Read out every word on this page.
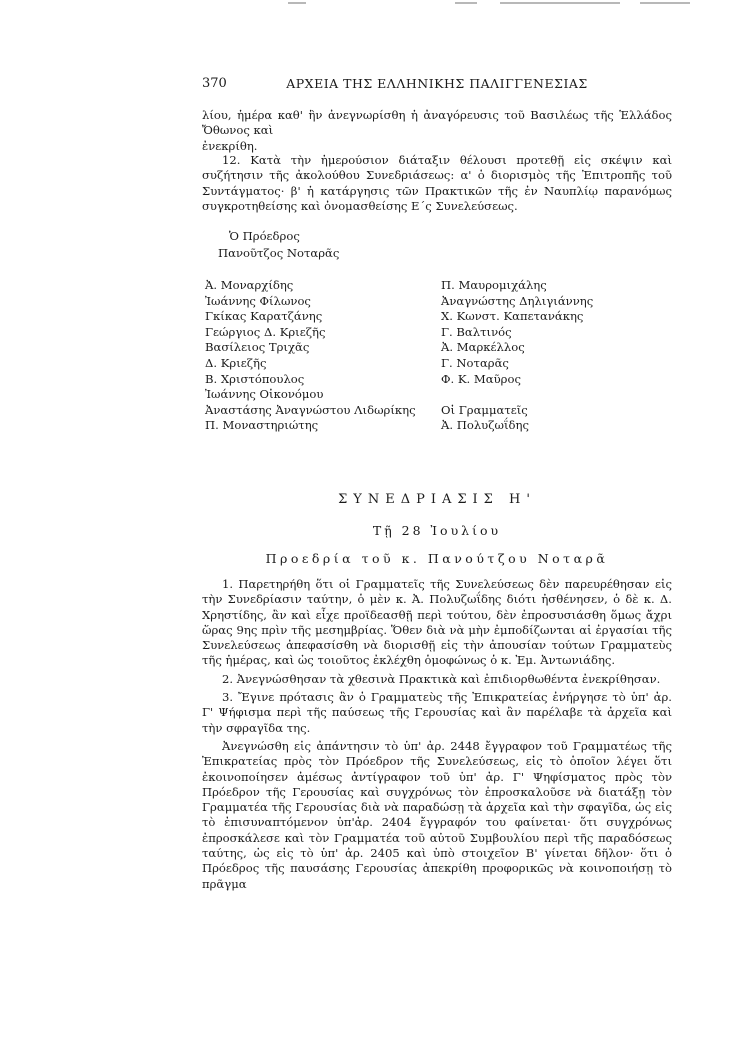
370	ΑΡΧΕΙΑ ΤΗΣ ΕΛΛΗΝΙΚΗΣ ΠΑΛΙΓΓΕΝΕΣΙΑΣ

λίου, ἡμέρα καθ' ἣν ἀνεγνωρίσθη ἡ ἀναγόρευσις τοῦ Βασιλέως τῆς Ἑλλάδος Ὄθωνος καὶ

ἐνεκρίθη.

12. Κατὰ τὴν ἡμερούσιον διάταξιν θέλουσι προτεθῇ εἰς σκέψιν καὶ συζήτησιν τῆς ἀκολούθου Συνεδριάσεως: α' ὁ διορισμὸς τῆς Ἐπιτροπῆς τοῦ Συντάγματος· β' ἡ κατάργησις τῶν Πρακτικῶν τῆς ἐν Ναυπλίῳ παρανόμως συγκροτηθείσης καὶ ὀνομασθείσης Ε΄ς Συνελεύσεως.

Ὁ Πρόεδρος
Πανοῦτζος Νοταρᾶς
Ἀ. Μοναρχίδης
Ἰωάννης Φίλωνος
Γκίκας Καρατζάνης
Γεώργιος Δ. Κριεζῆς
Βασίλειος Τριχᾶς
Δ. Κριεζῆς
Β. Χριστόπουλος
Ἰωάννης Οἰκονόμου
Ἀναστάσης Ἀναγνώστου Λιδωρίκης
Π. Μοναστηριώτης
Π. Μαυρομιχάλης
Ἀναγνώστης Δηλιγιάννης
Χ. Κωνστ. Καπετανάκης
Γ. Βαλτινός
Ἀ. Μαρκέλλος
Γ. Νοταρᾶς
Φ. Κ. Μαῦρος

Οἱ Γραμματεῖς
Ἀ. Πολυζωΐδης
ΣΥΝΕΔΡΙΑΣΙΣ Η'
Τῇ 28 Ἰουλίου
Προεδρία τοῦ κ. Πανούτζου Νοταρᾶ

1. Παρετηρήθη ὅτι οἱ Γραμματεῖς τῆς Συνελεύσεως δὲν παρευρέθησαν εἰς τὴν Συνεδρίασιν ταύτην, ὁ μὲν κ. Ἀ. Πολυζωΐδης διότι ἠσθένησεν, ὁ δὲ κ. Δ. Χρηστίδης, ἂν καὶ εἶχε προϊδεασθῇ περὶ τούτου, δὲν ἐπροσυσιάσθη ὅμως ἄχρι ὥρας 9ης πρὶν τῆς μεσημβρίας. Ὅθεν διὰ νὰ μὴν ἐμποδίζωνται αἱ ἐργασίαι τῆς Συνελεύσεως ἀπεφασίσθη νὰ διορισθῇ εἰς τὴν ἀπουσίαν τούτων Γραμματεὺς τῆς ἡμέρας, καὶ ὡς τοιοῦτος ἐκλέχθη ὁμοφώνως ὁ κ. Ἐμ. Ἀντωνιάδης.

2. Ἀνεγνώσθησαν τὰ χθεσινὰ Πρακτικὰ καὶ ἐπιδιορθωθέντα ἐνεκρίθησαν.

3. Ἔγινε πρότασις ἂν ὁ Γραμματεὺς τῆς Ἐπικρατείας ἐνήργησε τὸ ὑπ' ἀρ. Γ' Ψήφισμα περὶ τῆς παύσεως τῆς Γερουσίας καὶ ἂν παρέλαβε τὰ ἀρχεῖα καὶ τὴν σφραγῖδα της.

Ἀνεγνώσθη εἰς ἀπάντησιν τὸ ὑπ' ἀρ. 2448 ἔγγραφον τοῦ Γραμματέως τῆς Ἐπικρατείας πρὸς τὸν Πρόεδρον τῆς Συνελεύσεως, εἰς τὸ ὁποῖον λέγει ὅτι ἐκοινοποίησεν ἀμέσως ἀντίγραφον τοῦ ὑπ' ἀρ. Γ' Ψηφίσματος πρὸς τὸν Πρόεδρον τῆς Γερουσίας καὶ συγχρόνως τὸν ἐπροσκαλοῦσε νὰ διατάξῃ τὸν Γραμματέα τῆς Γερουσίας διὰ νὰ παραδώσῃ τὰ ἀρχεῖα καὶ τὴν σφαγῖδα, ὡς εἰς τὸ ἐπισυναπτόμενον ὑπ'ἀρ. 2404 ἔγγραφόν του φαίνεται· ὅτι συγχρόνως ἐπροσκάλεσε καὶ τὸν Γραμματέα τοῦ αὐτοῦ Συμβουλίου περὶ τῆς παραδόσεως ταύτης, ὡς εἰς τὸ ὑπ' ἀρ. 2405 καὶ ὑπὸ στοιχεῖον Β' γίνεται δῆλον· ὅτι ὁ Πρόεδρος τῆς παυσάσης Γερουσίας ἀπεκρίθη προφορικῶς νὰ κοινοποιήσῃ τὸ πρᾶγμα
